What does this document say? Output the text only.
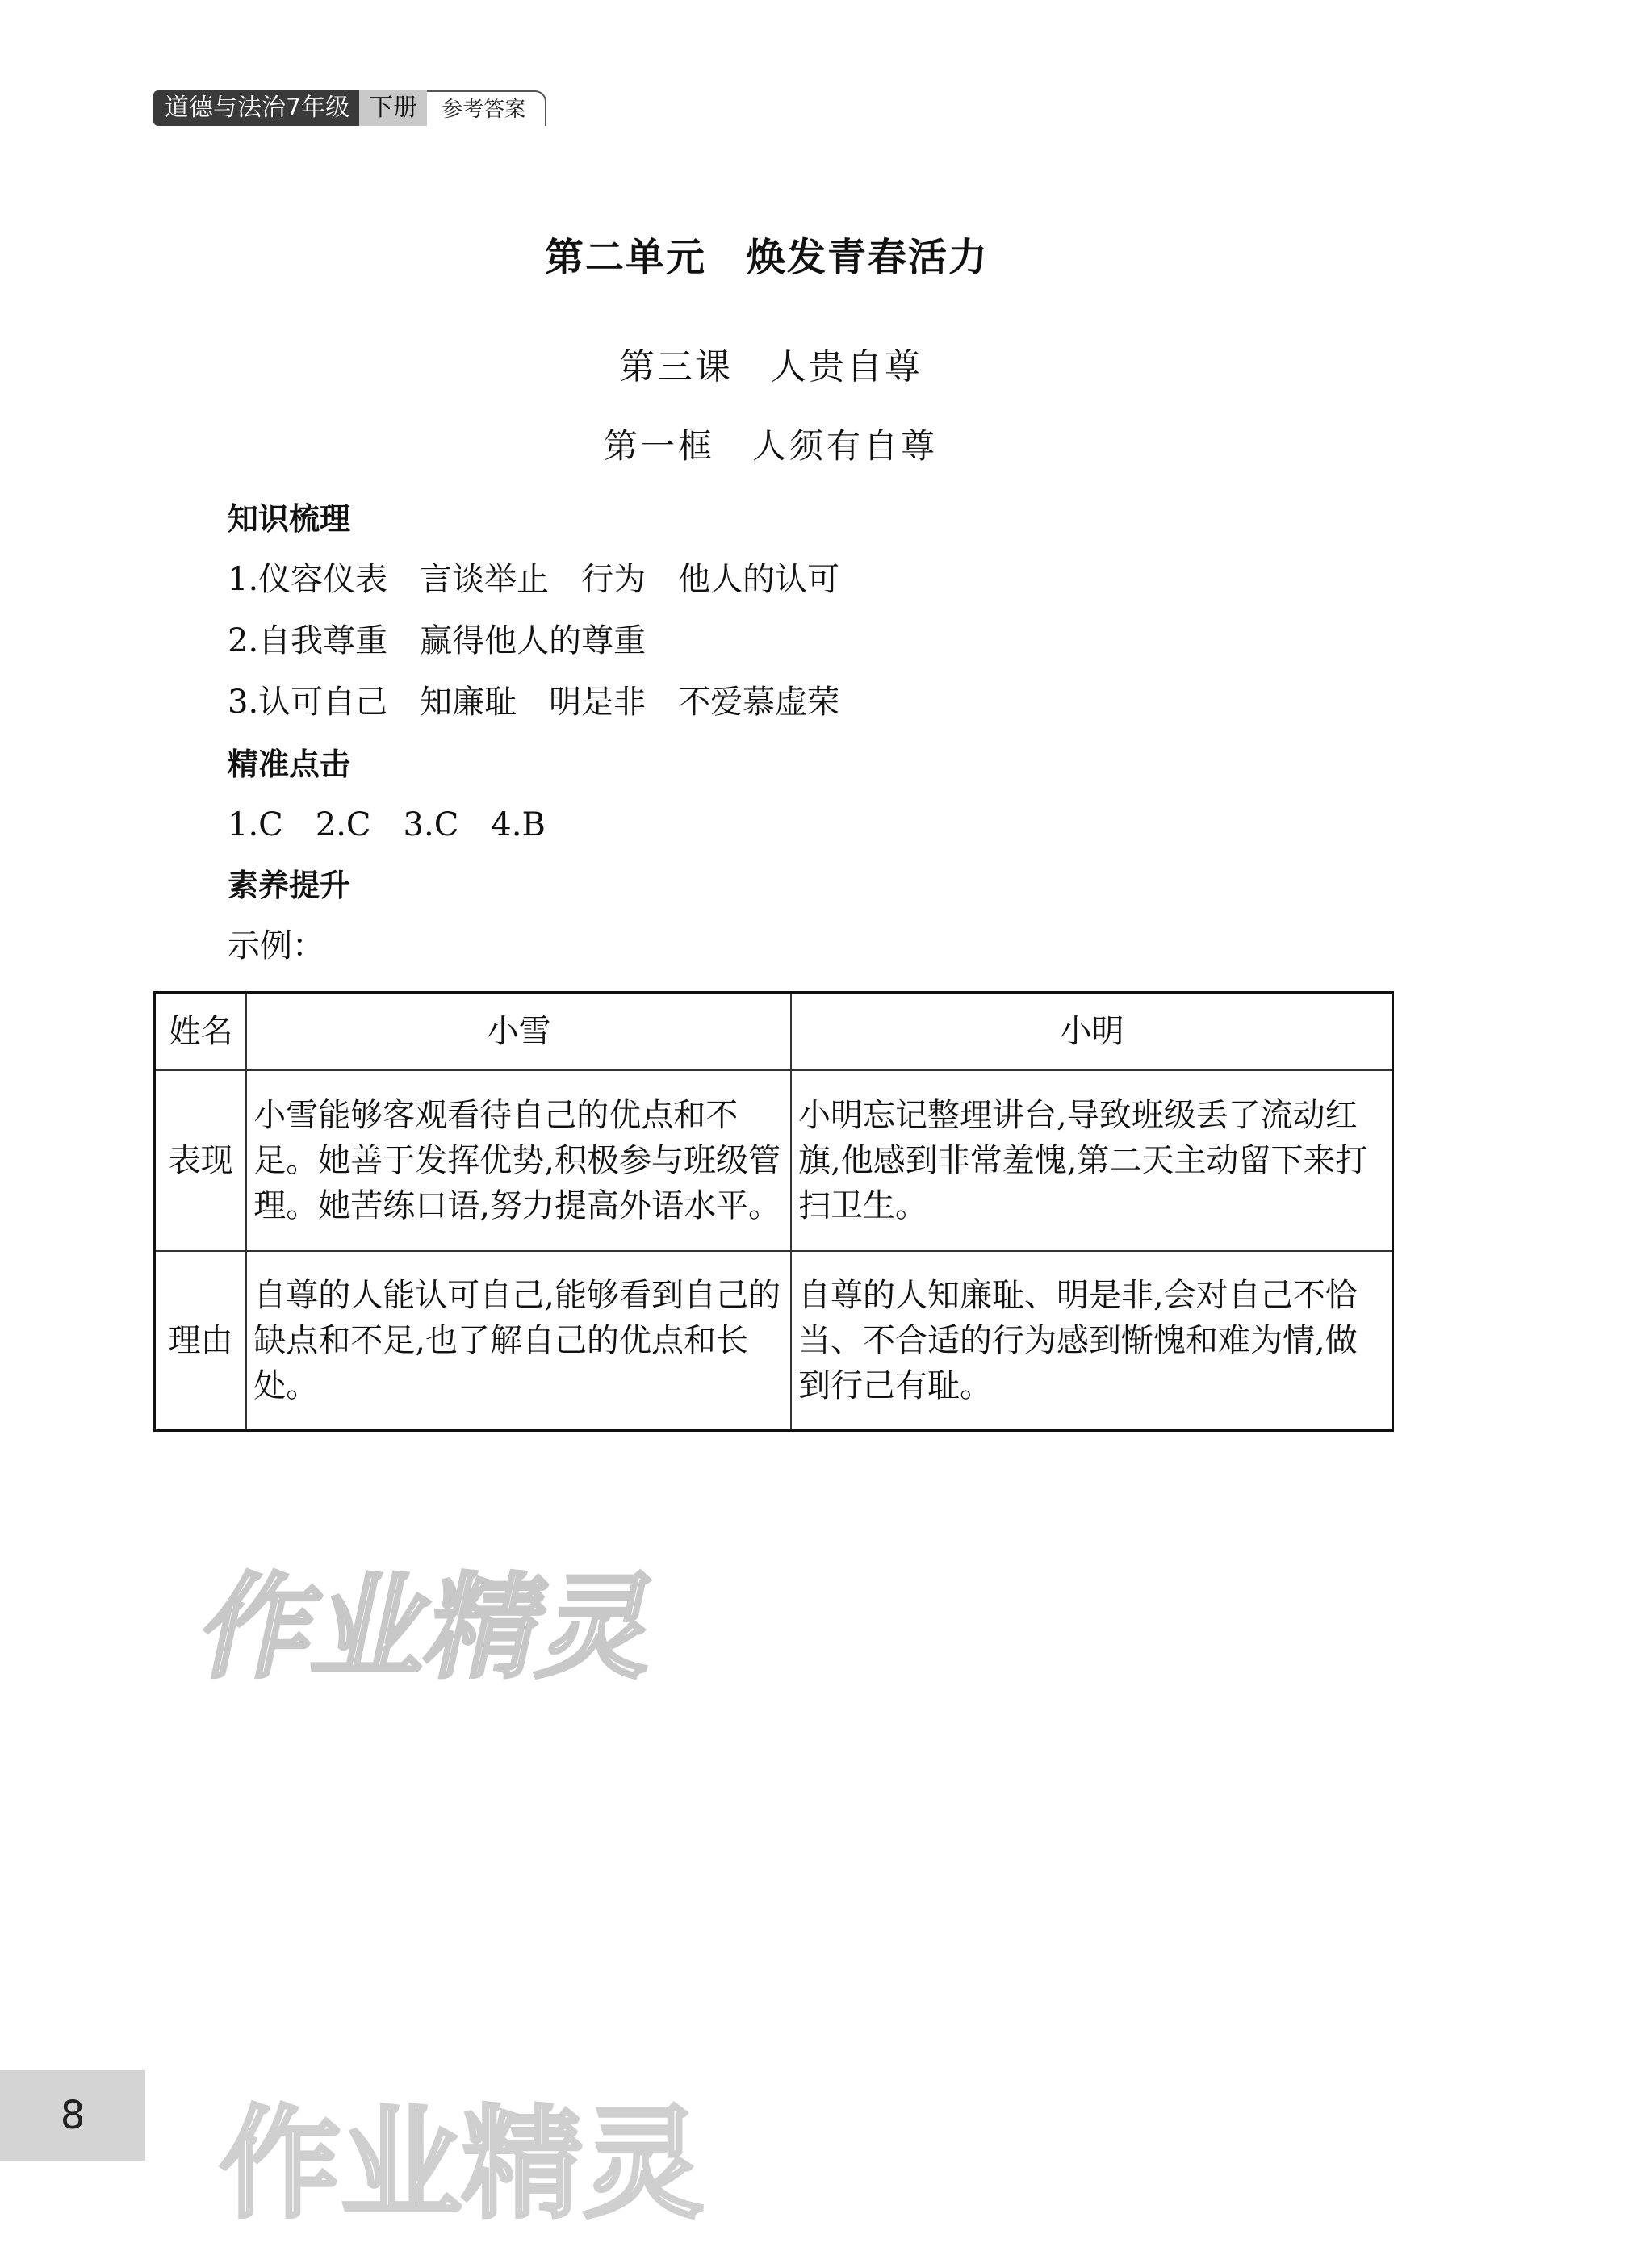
道德与法治7年级 下册	参考答案
第二单元　焕发青春活力
第三课　人贵自尊
第一框　人须有自尊
知识梳理
1.仪容仪表　言谈举止　行为　他人的认可
2.自我尊重　赢得他人的尊重
3.认可自己　知廉耻　明是非　不爱慕虚荣
精准点击
1.C　2.C　3.C　4.B
素养提升
示例：
姓名	小雪	小明
表现	小雪能够客观看待自己的优点和不足。她善于发挥优势,积极参与班级管理。她苦练口语,努力提高外语水平。	小明忘记整理讲台,导致班级丢了流动红旗,他感到非常羞愧,第二天主动留下来打扫卫生。
理由	自尊的人能认可自己,能够看到自己的缺点和不足,也了解自己的优点和长处。	自尊的人知廉耻、明是非,会对自己不恰当、不合适的行为感到惭愧和难为情,做到行己有耻。
作业精灵
作业精灵
8
